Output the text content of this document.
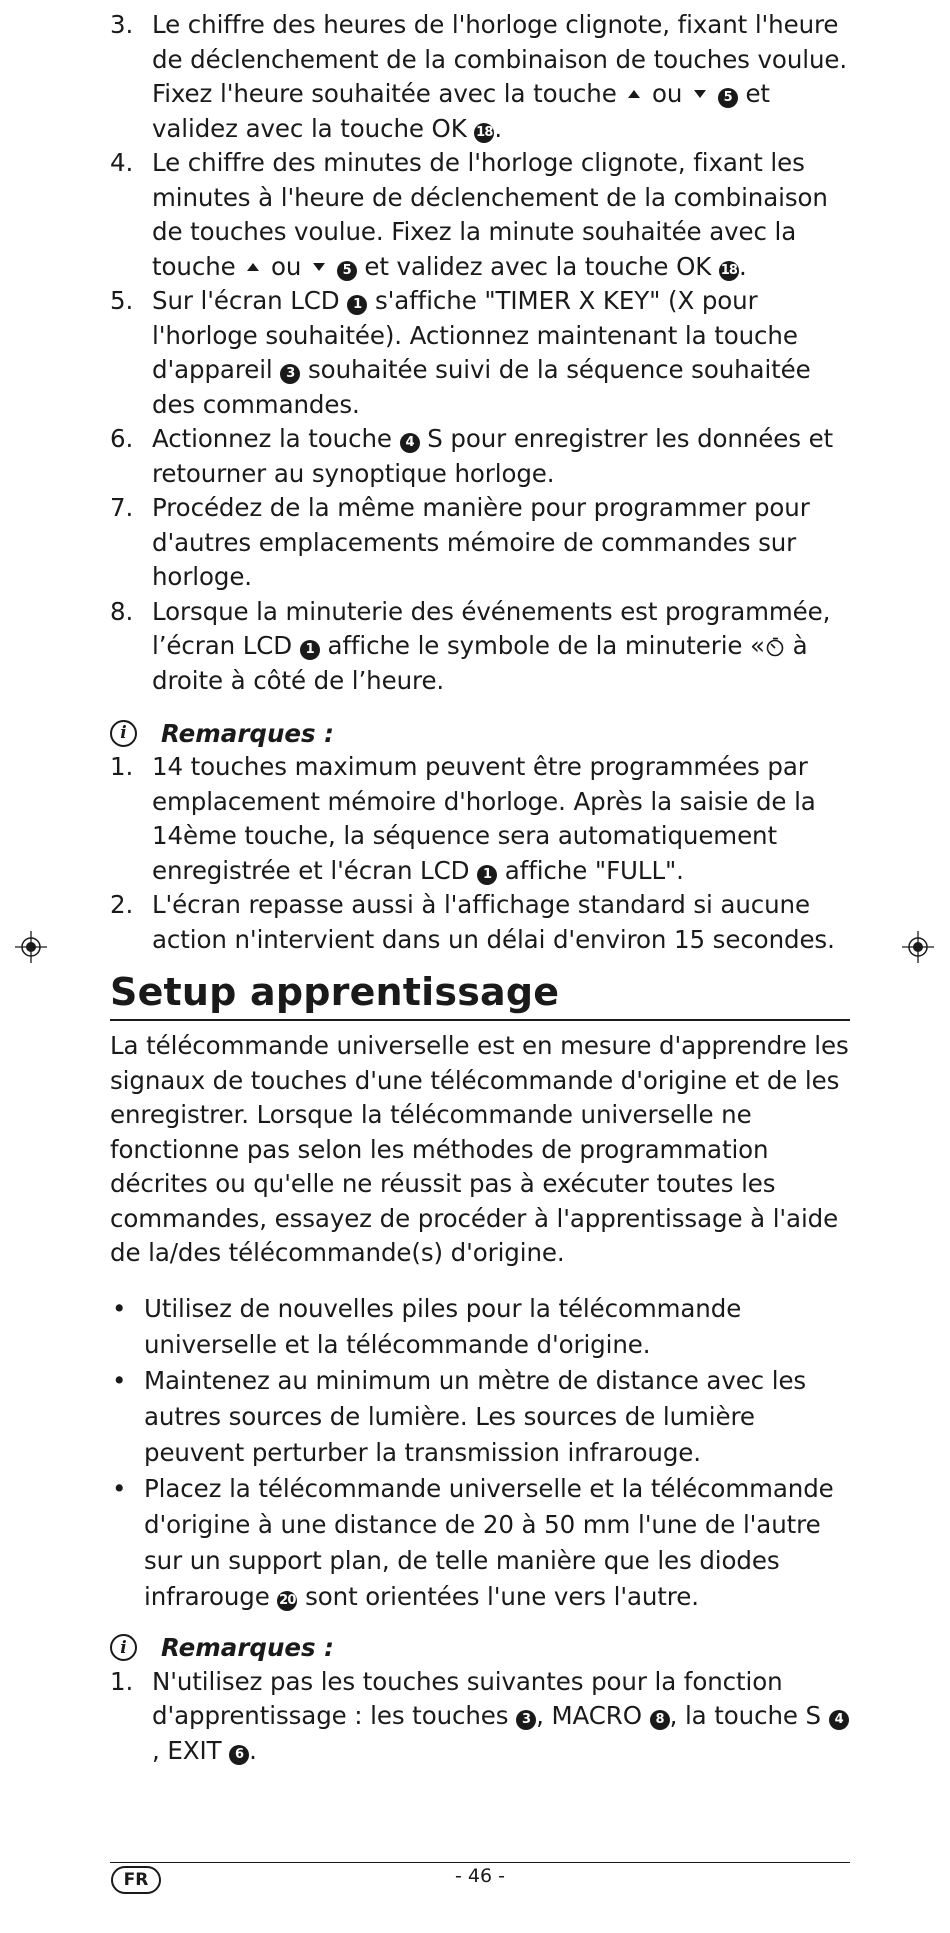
3. Le chiffre des heures de l'horloge clignote, fixant l'heure de déclenchement de la combinaison de touches voulue. Fixez l'heure souhaitée avec la touche  ou	5 et validez avec la touche OK 18.
4. Le chiffre des minutes de l'horloge clignote, fixant les minutes à l'heure de déclenchement de la combinaison de touches voulue. Fixez la minute souhaitée avec la touche  ou	5 et validez avec la touche OK 18.
5. Sur l'écran LCD 1 s'affiche "TIMER X KEY" (X pour l'horloge souhaitée). Actionnez maintenant la touche d'appareil 3 souhaitée suivi de la séquence souhaitée des commandes.
6. Actionnez la touche 4 S pour enregistrer les données et retourner au synoptique horloge.
7. Procédez de la même manière pour programmer pour d'autres emplacements mémoire de commandes sur horloge.
8. Lorsque la minuterie des événements est programmée, l’écran LCD 1 affiche le symbole de la minuterie « à droite à côté de l’heure.
i	Remarques :
1. 14 touches maximum peuvent être programmées par emplacement mémoire d'horloge. Après la saisie de la 14ème touche, la séquence sera automatiquement enregistrée et l'écran LCD 1 affiche "FULL".
2. L'écran repasse aussi à l'affichage standard si aucune action n'intervient dans un délai d'environ 15 secondes.
Setup apprentissage

La télécommande universelle est en mesure d'apprendre les signaux de touches d'une télécommande d'origine et de les enregistrer. Lorsque la télécommande universelle ne fonctionne pas selon les méthodes de programmation décrites ou qu'elle ne réussit pas à exécuter toutes les commandes, essayez de procéder à l'apprentissage à l'aide de la/des télécommande(s) d'origine.

• Utilisez de nouvelles piles pour la télécommande universelle et la télécommande d'origine.
• Maintenez au minimum un mètre de distance avec les autres sources de lumière. Les sources de lumière peuvent perturber la transmission infrarouge.
• Placez la télécommande universelle et la télécommande d'origine à une distance de 20 à 50 mm l'une de l'autre sur un support plan, de telle manière que les diodes infrarouge 20 sont orientées l'une vers l'autre.
i	Remarques :
1. N'utilisez pas les touches suivantes pour la fonction d'apprentissage : les touches 3 , MACRO 8 , la touche S 4, EXIT 6 .
FR	- 46 -
